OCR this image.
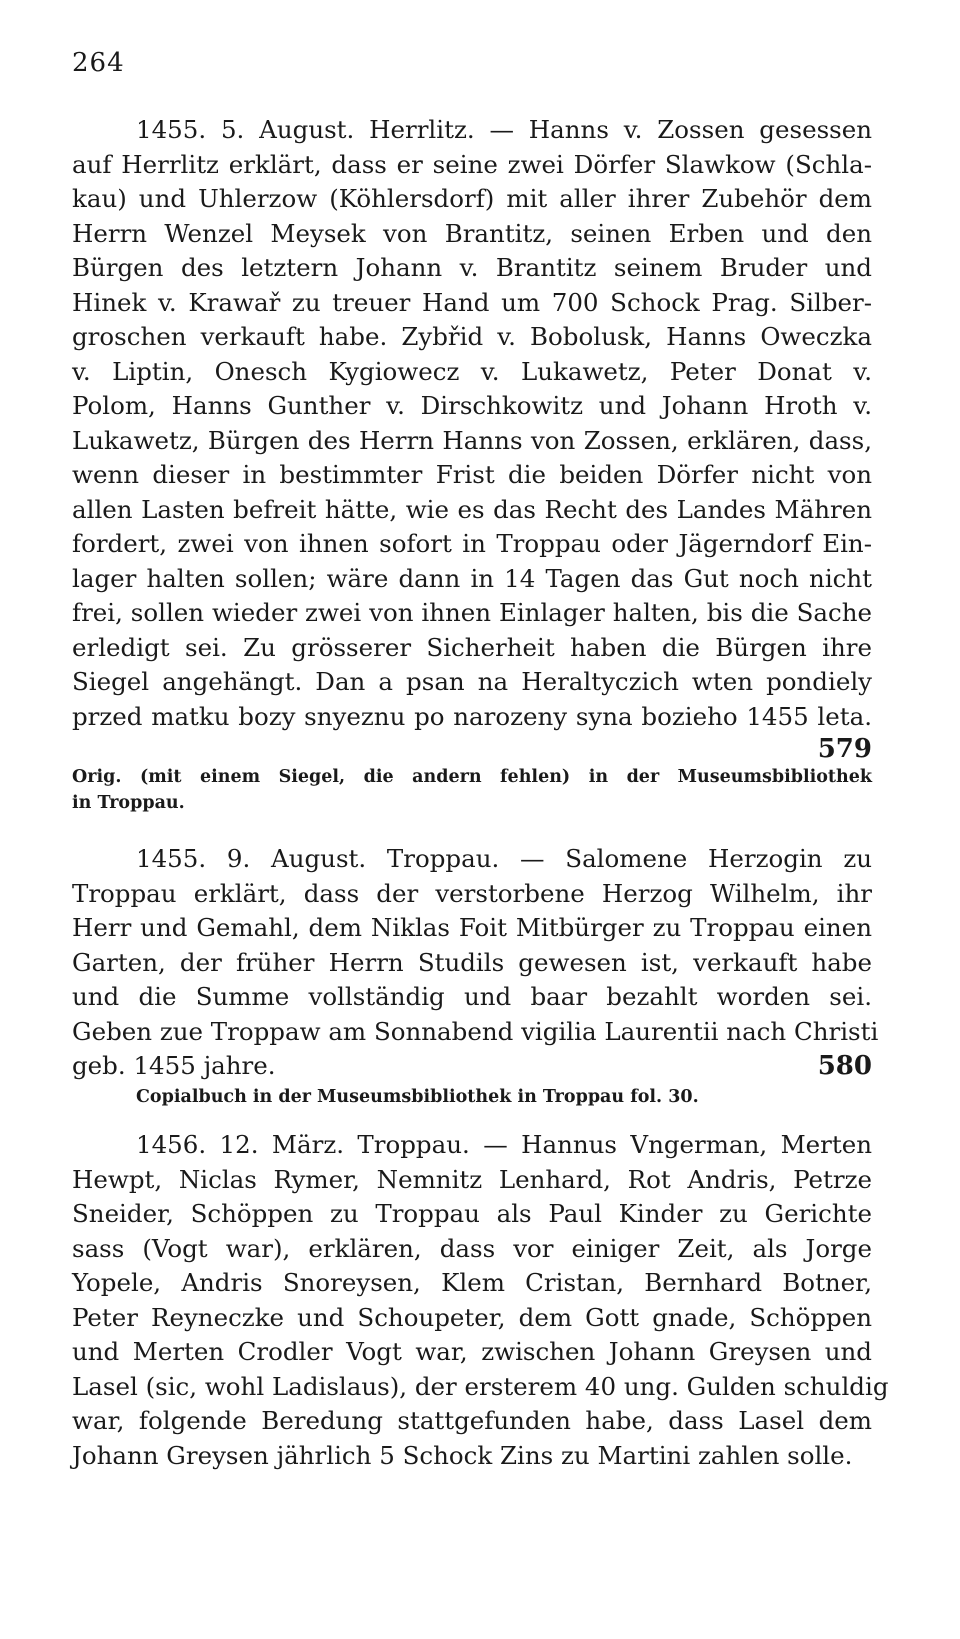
264
1455. 5. August. Herrlitz. — Hanns v. Zossen gesessen
auf Herrlitz erklärt, dass er seine zwei Dörfer Slawkow (Schla-
kau) und Uhlerzow (Köhlersdorf) mit aller ihrer Zubehör dem
Herrn Wenzel Meysek von Brantitz, seinen Erben und den
Bürgen des letztern Johann v. Brantitz seinem Bruder und
Hinek v. Krawař zu treuer Hand um 700 Schock Prag. Silber-
groschen verkauft habe. Zybřid v. Bobolusk, Hanns Oweczka
v. Liptin, Onesch Kygiowecz v. Lukawetz, Peter Donat v.
Polom, Hanns Gunther v. Dirschkowitz und Johann Hroth v.
Lukawetz, Bürgen des Herrn Hanns von Zossen, erklären, dass,
wenn dieser in bestimmter Frist die beiden Dörfer nicht von
allen Lasten befreit hätte, wie es das Recht des Landes Mähren
fordert, zwei von ihnen sofort in Troppau oder Jägerndorf Ein-
lager halten sollen; wäre dann in 14 Tagen das Gut noch nicht
frei, sollen wieder zwei von ihnen Einlager halten, bis die Sache
erledigt sei. Zu grösserer Sicherheit haben die Bürgen ihre
Siegel angehängt. Dan a psan na Heraltyczich wten pondiely
przed matku bozy snyeznu po narozeny syna bozieho 1455 leta.
579
Orig. (mit einem Siegel, die andern fehlen) in der Museumsbibliothek
in Troppau.
1455. 9. August. Troppau. — Salomene Herzogin zu
Troppau erklärt, dass der verstorbene Herzog Wilhelm, ihr
Herr und Gemahl, dem Niklas Foit Mitbürger zu Troppau einen
Garten, der früher Herrn Studils gewesen ist, verkauft habe
und die Summe vollständig und baar bezahlt worden sei.
Geben zue Troppaw am Sonnabend vigilia Laurentii nach Christi
geb. 1455 jahre.	580
Copialbuch in der Museumsbibliothek in Troppau fol. 30.
1456. 12. März. Troppau. — Hannus Vngerman, Merten
Hewpt, Niclas Rymer, Nemnitz Lenhard, Rot Andris, Petrze
Sneider, Schöppen zu Troppau als Paul Kinder zu Gerichte
sass (Vogt war), erklären, dass vor einiger Zeit, als Jorge
Yopele, Andris Snoreysen, Klem Cristan, Bernhard Botner,
Peter Reyneczke und Schoupeter, dem Gott gnade, Schöppen
und Merten Crodler Vogt war, zwischen Johann Greysen und
Lasel (sic, wohl Ladislaus), der ersterem 40 ung. Gulden schuldig
war, folgende Beredung stattgefunden habe, dass Lasel dem
Johann Greysen jährlich 5 Schock Zins zu Martini zahlen solle.
